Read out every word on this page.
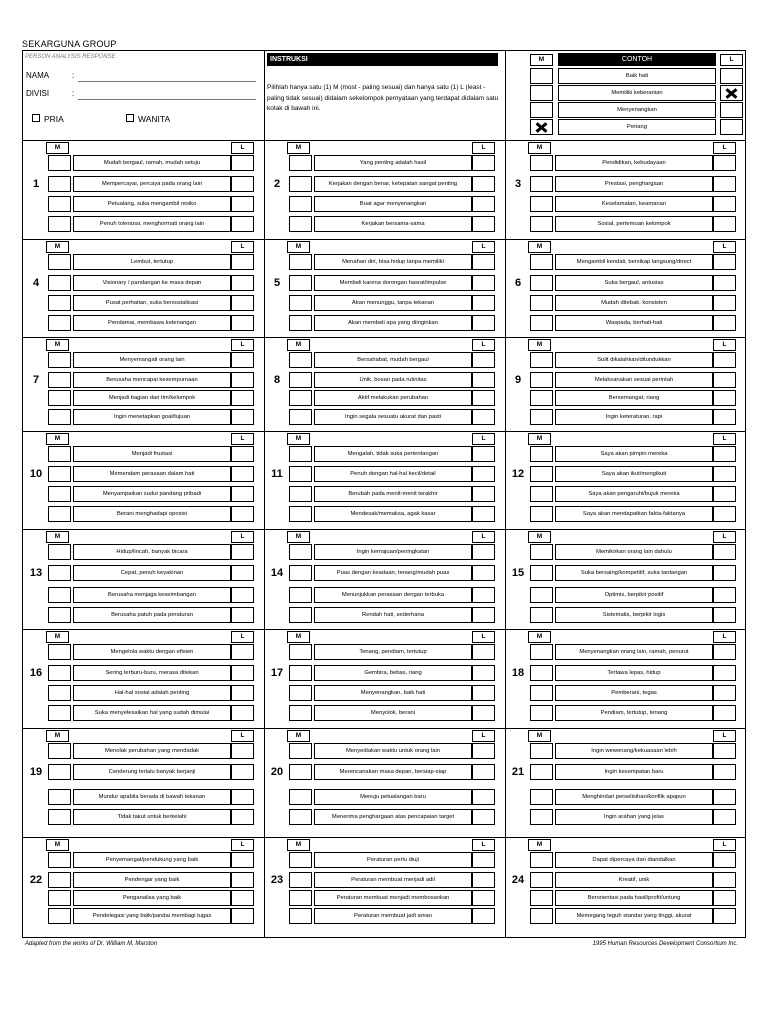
SEKARGUNA GROUP
PERSON ANALYSIS RESPONSE
NAMA	:
DIVISI	:
PRIA	WANITA
INSTRUKSI
Pilihlah hanya satu (1) M (most - paling sesuai) dan hanya satu (1) L (least - paling tidak sesuai) didalam sekelompok pernyataan yang terdapat didalam satu kotak di bawah ini.
M	CONTOH	L
Baik hati
Memiliki keberanian
Menyenangkan
Periang
M	L
1
Mudah bergaul, ramah, mudah setuju
Mempercayai, percaya pada orang lain
Petualang, suka mengambil resiko
Penuh toleransi, menghormati orang lain
M	L
2
Yang penting adalah hasil
Kerjakan dengan benar, ketepatan sangat penting
Buat agar menyenangkan
Kerjakan bersama-sama
M	L
3
Pendidikan, kebudayaan
Prestasi, penghargaan
Keselamatan, keamanan
Sosial, pertemuan kelompok
M	L
4
Lembut, tertutup
Visionary / pandangan ke masa depan
Pusat perhatian, suka bersosialisasi
Pendamai, membawa ketenangan
M	L
5
Menahan diri, bisa hidup tanpa memiliki
Membeli karena dorongan hasrat/impulse
Akan menunggu, tanpa tekanan
Akan membeli apa yang diinginkan
M	L
6
Mengambil kendali, bersikap langsung/direct
Suka bergaul, antusias
Mudah ditebak, konsisten
Waspada, berhati-hati
M	L
7
Menyemangati orang lain
Berusaha mencapai kesempurnaan
Menjadi bagian dari tim/kelompok
Ingin menetapkan goal/tujuan
M	L
8
Bersahabat, mudah bergaul
Unik, bosan pada rutinitas
Aktif melakukan perubahan
Ingin segala sesuatu akurat dan pasti
M	L
9
Sulit dikalahkan/ditundukkan
Melaksanakan sesuai perintah
Bersemangat, riang
Ingin keteraturan, rapi
M	L
10
Menjadi frustasi
Memendam perasaan dalam hati
Menyampaikan sudut pandang pribadi
Berani menghadapi oposisi
M	L
11
Mengalah, tidak suka pertentangan
Penuh dengan hal-hal kecil/detail
Berubah pada menit-menit terakhir
Mendesak/memaksa, agak kasar
M	L
12
Saya akan pimpin mereka
Saya akan ikut/mengikuti
Saya akan pengaruhi/bujuk mereka
Saya akan mendapatkan fakta-faktanya
M	L
13
Hidup/lincah, banyak bicara
Cepat, penuh keyakinan
Berusaha menjaga keseimbangan
Berusaha patuh pada peraturan
M	L
14
Ingin kemajuan/peningkatan
Puas dengan keadaan, tenang/mudah puas
Menunjukkan perasaan dengan terbuka
Rendah hati, sederhana
M	L
15
Memikirkan orang lain dahulu
Suka bersaing/kompetitif, suka tantangan
Optimis, berpikir positif
Sistematis, berpikir logis
M	L
16
Mengelola waktu dengan efisien
Sering terburu-buru, merasa ditekan
Hal-hal sosial adalah penting
Suka menyelesaikan hal yang sudah dimulai
M	L
17
Tenang, pendiam, tertutup
Gembira, bebas, riang
Menyenangkan, baik hati
Menyolok, berani
M	L
18
Menyenangkan orang lain, ramah, penurut
Tertawa lepas, hidup
Pemberani, tegas
Pendiam, tertutup, tenang
M	L
19
Menolak perubahan yang mendadak
Cenderung terlalu banyak berjanji
Mundur apabila berada di bawah tekanan
Tidak takut untuk berkelahi
M	L
20
Menyediakan waktu untuk orang lain
Merencanakan masa depan, bersiap-siap
Menuju petualangan baru
Menerima penghargaan atas pencapaian target
M	L
21
Ingin wewenang/kekuasaan lebih
Ingin kesempatan baru
Menghindari perselisihan/konflik apapun
Ingin arahan yang jelas
M	L
22
Penyemangat/pendukung yang baik
Pendengar yang baik
Penganalisa yang baik
Pendelegasi yang baik/pandai membagi tugas
M	L
23
Peraturan perlu diuji
Peraturan membuat menjadi adil
Peraturan membuat menjadi membosankan
Peraturan membuat jadi aman
M	L
24
Dapat dipercaya dan diandalkan
Kreatif, unik
Berorientasi pada hasil/profit/untung
Memegang teguh standar yang tinggi, akurat
Adapted from the works of Dr. William M. Marston	1995 Human Resources Development Consortium Inc.
